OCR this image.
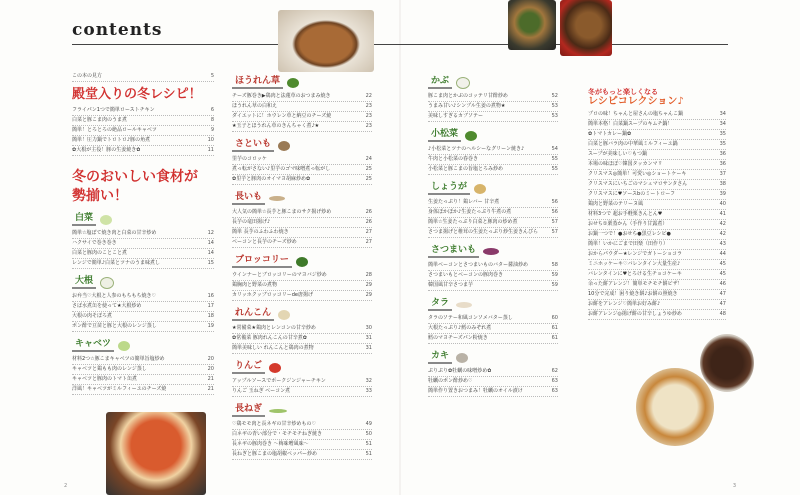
contents
この本の見方	5
殿堂入りの冬レシピ！
フライパン1つで簡単ローストチキン	6
白菜と豚こま肉のうま煮	8
簡単！とろとろの絶品ロールキャベツ	9
簡単！圧力鍋でトロトロ♪豚の角煮	10
✿大根が主役！豚の生姜焼き✿	11
冬のおいしい食材が
勢揃い！
白菜
簡単☆塩ぼて焼き肉と白菜の甘辛炒め	12
ハクサイで巻き巻き	14
白菜と豚肉のことこと煮	14
レンジで簡単♪白菜とツナのうま味煮し	15
大根
お弁当♡大根と人参のもちもち焼き♡	16
さば水煮缶を使って★大根炒め	17
大根の肉そぼろ煮	18
ポン酢で豆苗と豚と大根のレンジ蒸し	19
キャベツ
材料2つ☆豚こまキャベツの簡単旨塩炒め	20
キャベツと鶏もも肉のレンジ蒸し	20
キャベツと豚肉のトマト缶煮	21
洋風！キャベツがミルフィーユのチーズ焼	21
ほうれん草
チーズ豚巻き▶鶏肉と法蓮草のおつまみ焼き	22
ほうれん草の白和え	23
ダイエットに！ホウレン草と納豆のチーズ焼	23
★玉子とほうれん草のきんちゃく煮♪★	23
さといも
里芋のコロッケ	24
煮っ転がさない♪里芋のゴマ味噌煮っ転がし	25
✿里芋と豚肉のオイマヨ胡麻炒め✿	25
長いも
大人気の簡単☆長芋と豚こまのサク揚げ炒め	26
長芋の竜田揚げ♪	26
簡単 長芋のふわふわ焼き	27
ベーコンと長芋のチーズ炒め	27
ブロッコリー
ウインナーとブロッコリーのマヨバジ炒め	28
鶏胸肉と野菜の煮物	29
カリッホクッブロッコリーde唐揚げ	29
れんこん
★常備菜★鶏肉とレンコンの甘辛炒め	30
✿常備菜 豚肉れんこんの甘辛煮✿	31
簡単美味しい れんこんと鶏肉の煮物	31
りんご
アップルソースでポークジンジャーチキン	32
りんご 玉ねぎ ベーコン煮	33
長ねぎ
♡鶏モモ肉と長ネギの甘辛炒めもの♡	49
白ネギの青い部分で・モチモチねぎ焼き	50
長ネギの豚肉巻き ～梅味噌風味～	51
長ねぎと豚こまの塩胡椒ペッパー炒め	51
かぶ
豚こま肉とかぶのコッテリ甘酢炒め	52
うまみ甘い♪シンプル生姜の煮物★	53
美味しすぎるカブソテー	53
小松菜
♪小松菜とツナのヘルシーなグリーン焼き♪	54
牛肉と小松菜の春巻き	55
小松菜と豚こまの旨塩とろみ炒め	55
しょうが
生姜たっぷり！鶏レバー 甘辛煮	56
身体ぽかぽか♪生姜たっぷり牛煮の煮	56
簡単☆生姜たっぷり白菜と豚肉の炒め煮	57
さつま揚げと椎茸の生姜たっぷり炒生姜きんぴら	57
さつまいも
簡単ベーコンとさつまいものバター醤油炒め	58
さつまいもとベーコンの豚肉巻き	59
韓国風甘辛さつま芋	59
タラ
タラのソテー和風コンソメバター蒸し	60
大根たっぷり♪鱈のみぞれ煮	61
鱈のマヨチーズパン粉焼き	61
カキ
ぷりぷり✿牡蠣の味噌炒め✿	62
牡蠣のポン酢炒め♡	63
簡単作り置きおつまみ！牡蠣のオイル漬け	63
冬がもっと楽しくなる
レシピコレクション♪
プロの味！ちゃんと屋さんの塩ちゃんこ鍋	34
簡単本格！白菜鍋スープのキムチ鍋！	34
✿トマトカレー鍋✿	35
白菜と豚バラ肉の中華風ミルフィーユ鍋	35
スープが美味しい♡もつ鍋	36
本場の味ほぼ♡韓国タッカンマリ	36
クリスマス◎簡単！可愛い◎ショートケーキ	37
クリスマスにいちごのマシュマロサンタさん	38
クリスマスに♥ソースbのミートローフ	39
鶏肉と野菜のテリーヌ風	40
材料3つで 超お手軽栗きんとん♥	41
おせち①栗蒸かん（手作り甘露煮）	42
お鍋一つで！●おせち●黒豆レシピ●	42
簡単！いかにごまで田楽（田作り）	43
おからパウダー★レンジでガトーショコラ	44
ミニホッケーキ♡バレンタイン大量生産♪	45
バレンタインに♥とろける生チョコケーキ	45
余った餅アレンジ！簡単モチモチ餅ピザ！	46
10分で完成！困り焼き餅♪お餅の照焼き	47
お餅をアレンジ♡簡単お好み餅♪	47
お餅アレンジ◎揚げ餅の甘辛しょうゆ炒め	48
2	3
